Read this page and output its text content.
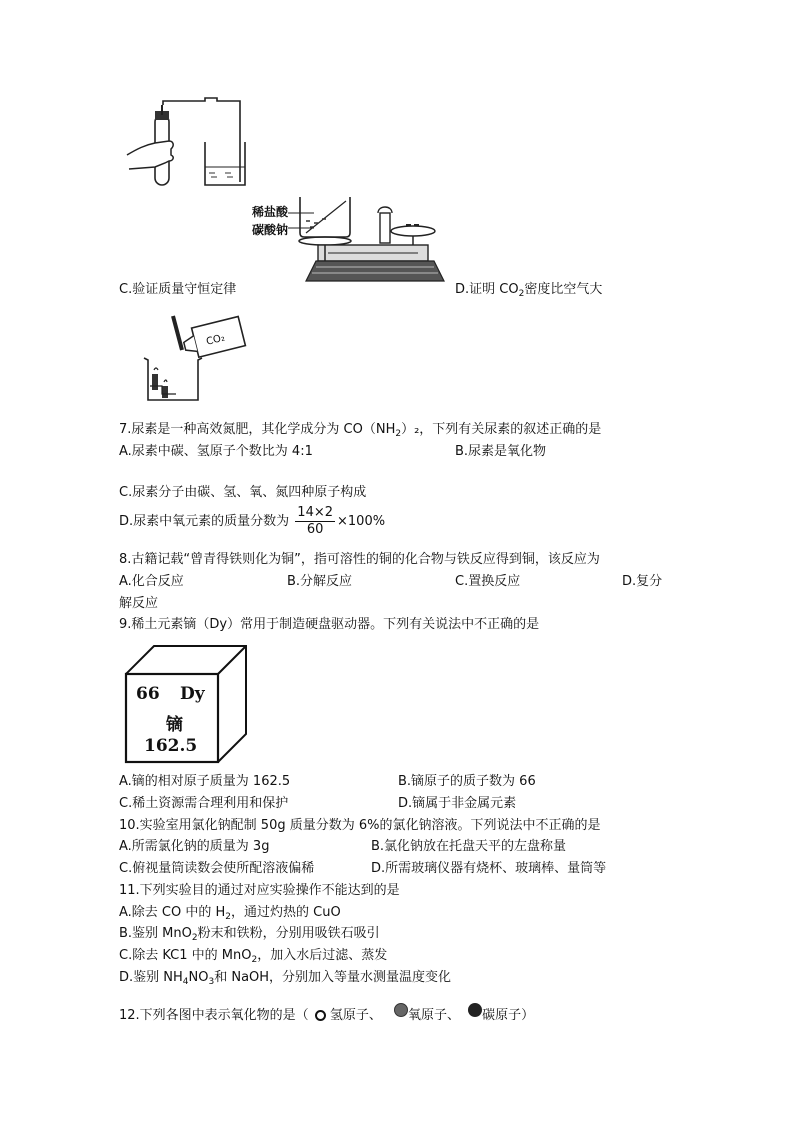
稀盐酸
碳酸钠
C.验证质量守恒定律	D.证明 $CO_2$密度比空气大
CO₂
7.尿素是一种高效氮肥，其化学成分为 $CO(NH_2)_2$，下列有关尿素的叙述正确的是
A.尿素中碳、氢原子个数比为 4:1	B.尿素是氧化物
C.尿素分子由碳、氢、氧、氮四种原子构成
D.尿素中氧元素的质量分数为 $\frac{14\times 2}{60} \times 100\%$
8.古籍记载“曾青得铁则化为铜”，指可溶性的铜的化合物与铁反应得到铜，该反应为
A.化合反应	B.分解反应	C.置换反应	D.复分
解反应
9.稀土元素镝（Dy）常用于制造硬盘驱动器。下列有关说法中不正确的是
66 Dy
镝
162.5
A.镝的相对原子质量为 162.5	B.镝原子的质子数为 66
C.稀土资源需合理利用和保护	D.镝属于非金属元素
10.实验室用氯化钠配制 50g 质量分数为 6%的氯化钠溶液。下列说法中不正确的是
A.所需氯化钠的质量为 3g	B.氯化钠放在托盘天平的左盘称量
C.俯视量筒读数会使所配溶液偏稀	D.所需玻璃仪器有烧杯、玻璃棒、量筒等
11.下列实验目的通过对应实验操作不能达到的是
A.除去 CO 中的 $H_2$，通过灼热的 CuO
B.鉴别 MnO$_2$粉末和铁粉，分别用吸铁石吸引
C.除去 KC1 中的 MnO$_2$，加入水后过滤、蒸发
D.鉴别 $NH_4NO_3$和 NaOH，分别加入等量水测量温度变化
12.下列各图中表示氧化物的是（ 氢原子、 氧原子、 碳原子）
